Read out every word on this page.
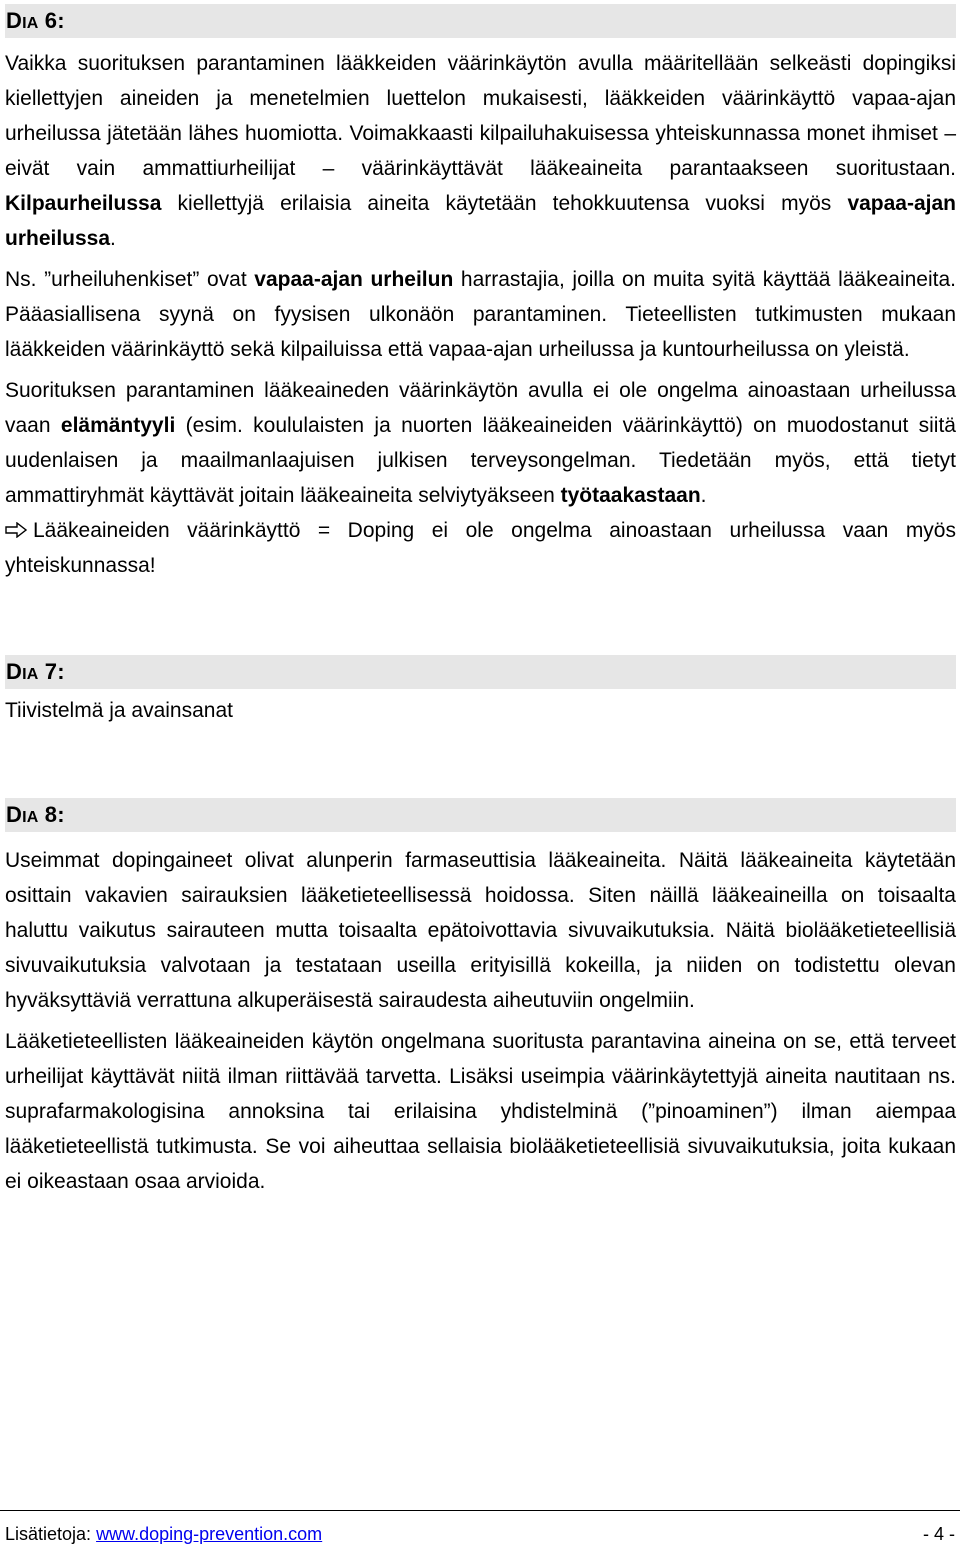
DIA 6:

Vaikka suorituksen parantaminen lääkkeiden väärinkäytön avulla määritellään selkeästi dopingiksi kiellettyjen aineiden ja menetelmien luettelon mukaisesti, lääkkeiden väärinkäyttö vapaa-ajan urheilussa jätetään lähes huomiotta. Voimakkaasti kilpailuhakuisessa yhteiskunnassa monet ihmiset – eivät vain ammattiurheilijat – väärinkäyttävät lääkeaineita parantaakseen suoritustaan. Kilpaurheilussa kiellettyjä erilaisia aineita käytetään tehokkuutensa vuoksi myös vapaa-ajan urheilussa.

Ns. ”urheiluhenkiset” ovat vapaa-ajan urheilun harrastajia, joilla on muita syitä käyttää lääkeaineita. Pääasiallisena syynä on fyysisen ulkonäön parantaminen. Tieteellisten tutkimusten mukaan lääkkeiden väärinkäyttö sekä kilpailuissa että vapaa-ajan urheilussa ja kuntourheilussa on yleistä.

Suorituksen parantaminen lääkeaineden väärinkäytön avulla ei ole ongelma ainoastaan urheilussa vaan elämäntyyli (esim. koululaisten ja nuorten lääkeaineiden väärinkäyttö) on muodostanut siitä uudenlaisen ja maailmanlaajuisen julkisen terveysongelman. Tiedetään myös, että tietyt ammattiryhmät käyttävät joitain lääkeaineita selviytyäkseen työtaakastaan.

Lääkeaineiden väärinkäyttö = Doping ei ole ongelma ainoastaan urheilussa vaan myös yhteiskunnassa!

DIA 7:

Tiivistelmä ja avainsanat

DIA 8:

Useimmat dopingaineet olivat alunperin farmaseuttisia lääkeaineita. Näitä lääkeaineita käytetään osittain vakavien sairauksien lääketieteellisessä hoidossa. Siten näillä lääkeaineilla on toisaalta haluttu vaikutus sairauteen mutta toisaalta epätoivottavia sivuvaikutuksia. Näitä biolääketieteellisiä sivuvaikutuksia valvotaan ja testataan useilla erityisillä kokeilla, ja niiden on todistettu olevan hyväksyttäviä verrattuna alkuperäisestä sairaudesta aiheutuviin ongelmiin.

Lääketieteellisten lääkeaineiden käytön ongelmana suoritusta parantavina aineina on se, että terveet urheilijat käyttävät niitä ilman riittävää tarvetta. Lisäksi useimpia väärinkäytettyjä aineita nautitaan ns. suprafarmakologisina annoksina tai erilaisina yhdistelminä (”pinoaminen”) ilman aiempaa lääketieteellistä tutkimusta. Se voi aiheuttaa sellaisia biolääketieteellisiä sivuvaikutuksia, joita kukaan ei oikeastaan osaa arvioida.

Lisätietoja: www.doping-prevention.com	- 4 -
